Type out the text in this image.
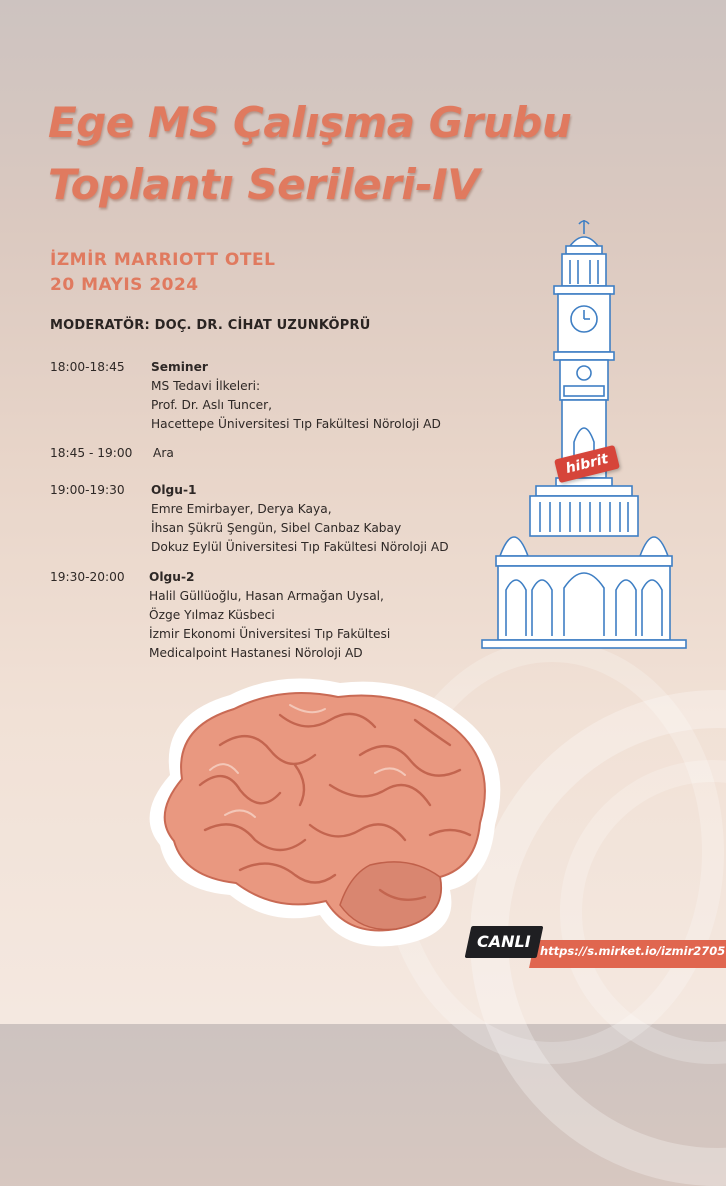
Ege MS Çalışma Grubu
Toplantı Serileri-IV
İZMİR MARRIOTT OTEL
20 MAYIS 2024
MODERATÖR: DOÇ. DR. CİHAT UZUNKÖPRÜ
18:00-18:45 Seminer
MS Tedavi İlkeleri:
Prof. Dr. Aslı Tuncer,
Hacettepe Üniversitesi Tıp Fakültesi Nöroloji AD
18:45 - 19:00 Ara
19:00-19:30 Olgu-1
Emre Emirbayer, Derya Kaya,
İhsan Şükrü Şengün, Sibel Canbaz Kabay
Dokuz Eylül Üniversitesi Tıp Fakültesi Nöroloji AD
19:30-20:00 Olgu-2
Halil Güllüoğlu, Hasan Armağan Uysal,
Özge Yılmaz Küsbeci
İzmir Ekonomi Üniversitesi Tıp Fakültesi
Medicalpoint Hastanesi Nöroloji AD
hibrit
CANLI https://s.mirket.io/izmir2705
